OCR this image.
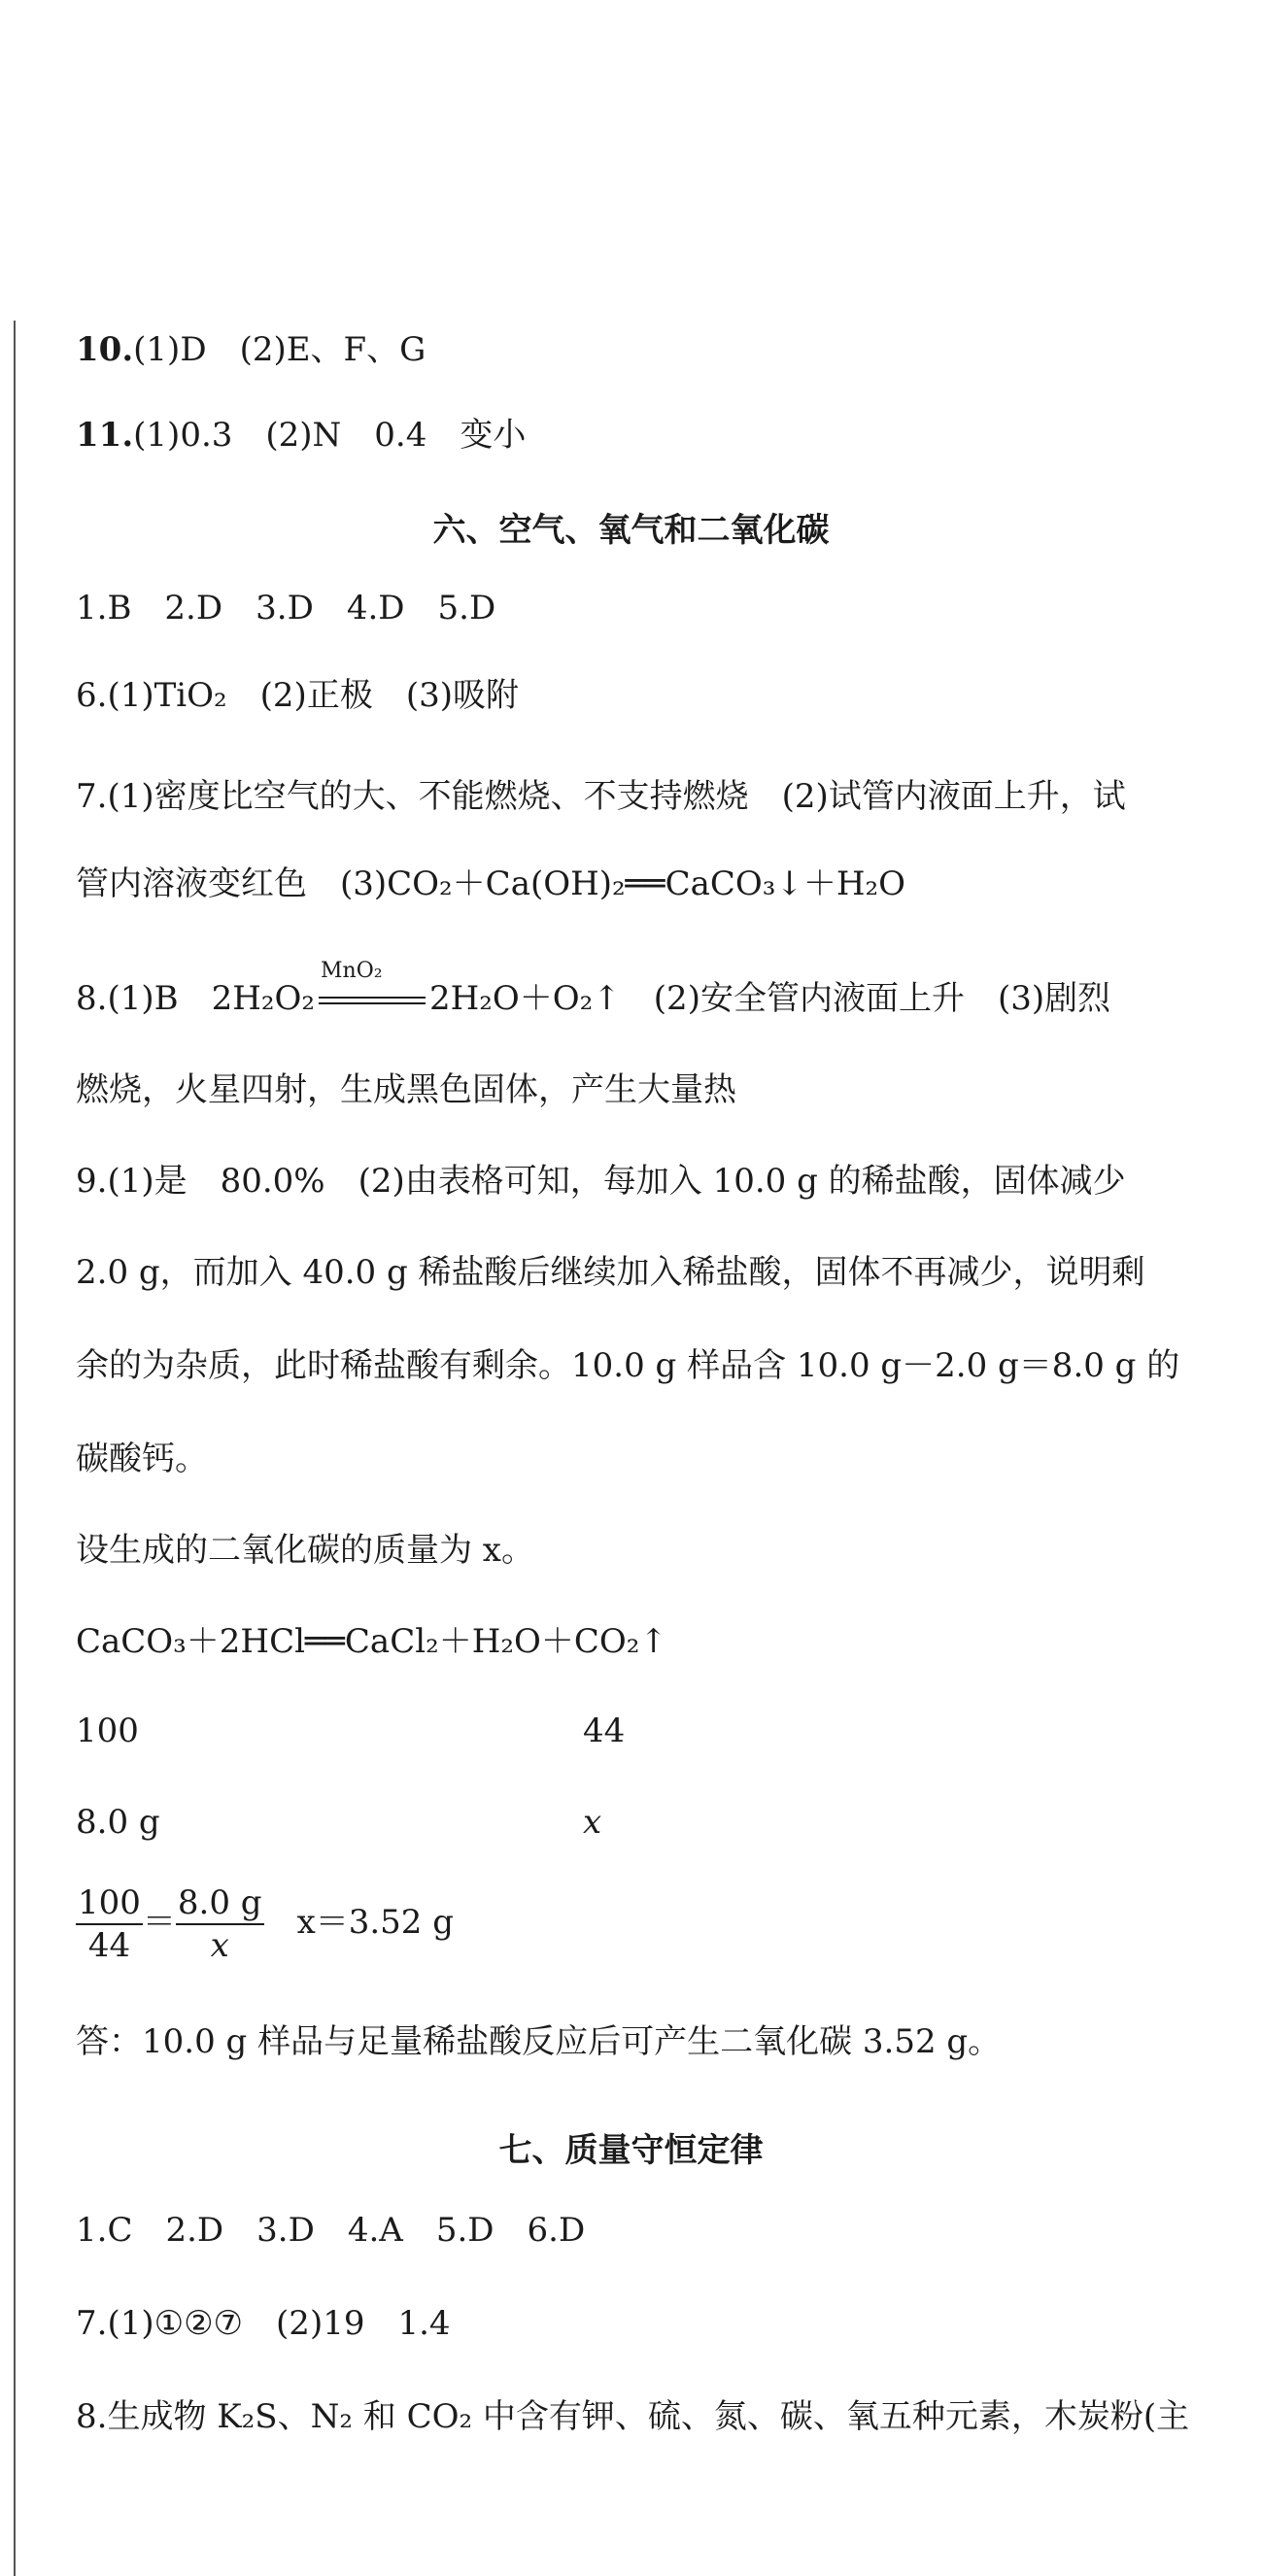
10.(1)D　(2)E、F、G
11.(1)0.3　(2)N　0.4　变小
六、空气、氧气和二氧化碳
1.B　2.D　3.D　4.D　5.D
6.(1)TiO₂　(2)正极　(3)吸附
7.(1)密度比空气的大、不能燃烧、不支持燃烧　(2)试管内液面上升，试
管内溶液变红色　(3)CO₂＋Ca(OH)₂══CaCO₃↓＋H₂O
8.(1)B　2H₂O₂
MnO₂
2H₂O＋O₂↑　(2)安全管内液面上升　(3)剧烈
燃烧，火星四射，生成黑色固体，产生大量热
9.(1)是　80.0%　(2)由表格可知，每加入 10.0 g 的稀盐酸，固体减少
2.0 g，而加入 40.0 g 稀盐酸后继续加入稀盐酸，固体不再减少，说明剩
余的为杂质，此时稀盐酸有剩余。10.0 g 样品含 10.0 g－2.0 g＝8.0 g 的
碳酸钙。
设生成的二氧化碳的质量为 x。
CaCO₃＋2HCl══CaCl₂＋H₂O＋CO₂↑
100	44
8.0 g	x
$\frac{100}{44} = \frac{8.0 g}{x}$
　 x＝3.52 g
答：10.0 g 样品与足量稀盐酸反应后可产生二氧化碳 3.52 g。
七、质量守恒定律
1.C　2.D　3.D　4.A　5.D　6.D
7.(1)①②⑦　(2)19　1.4
8.生成物 K₂S、N₂ 和 CO₂ 中含有钾、硫、氮、碳、氧五种元素，木炭粉(主
